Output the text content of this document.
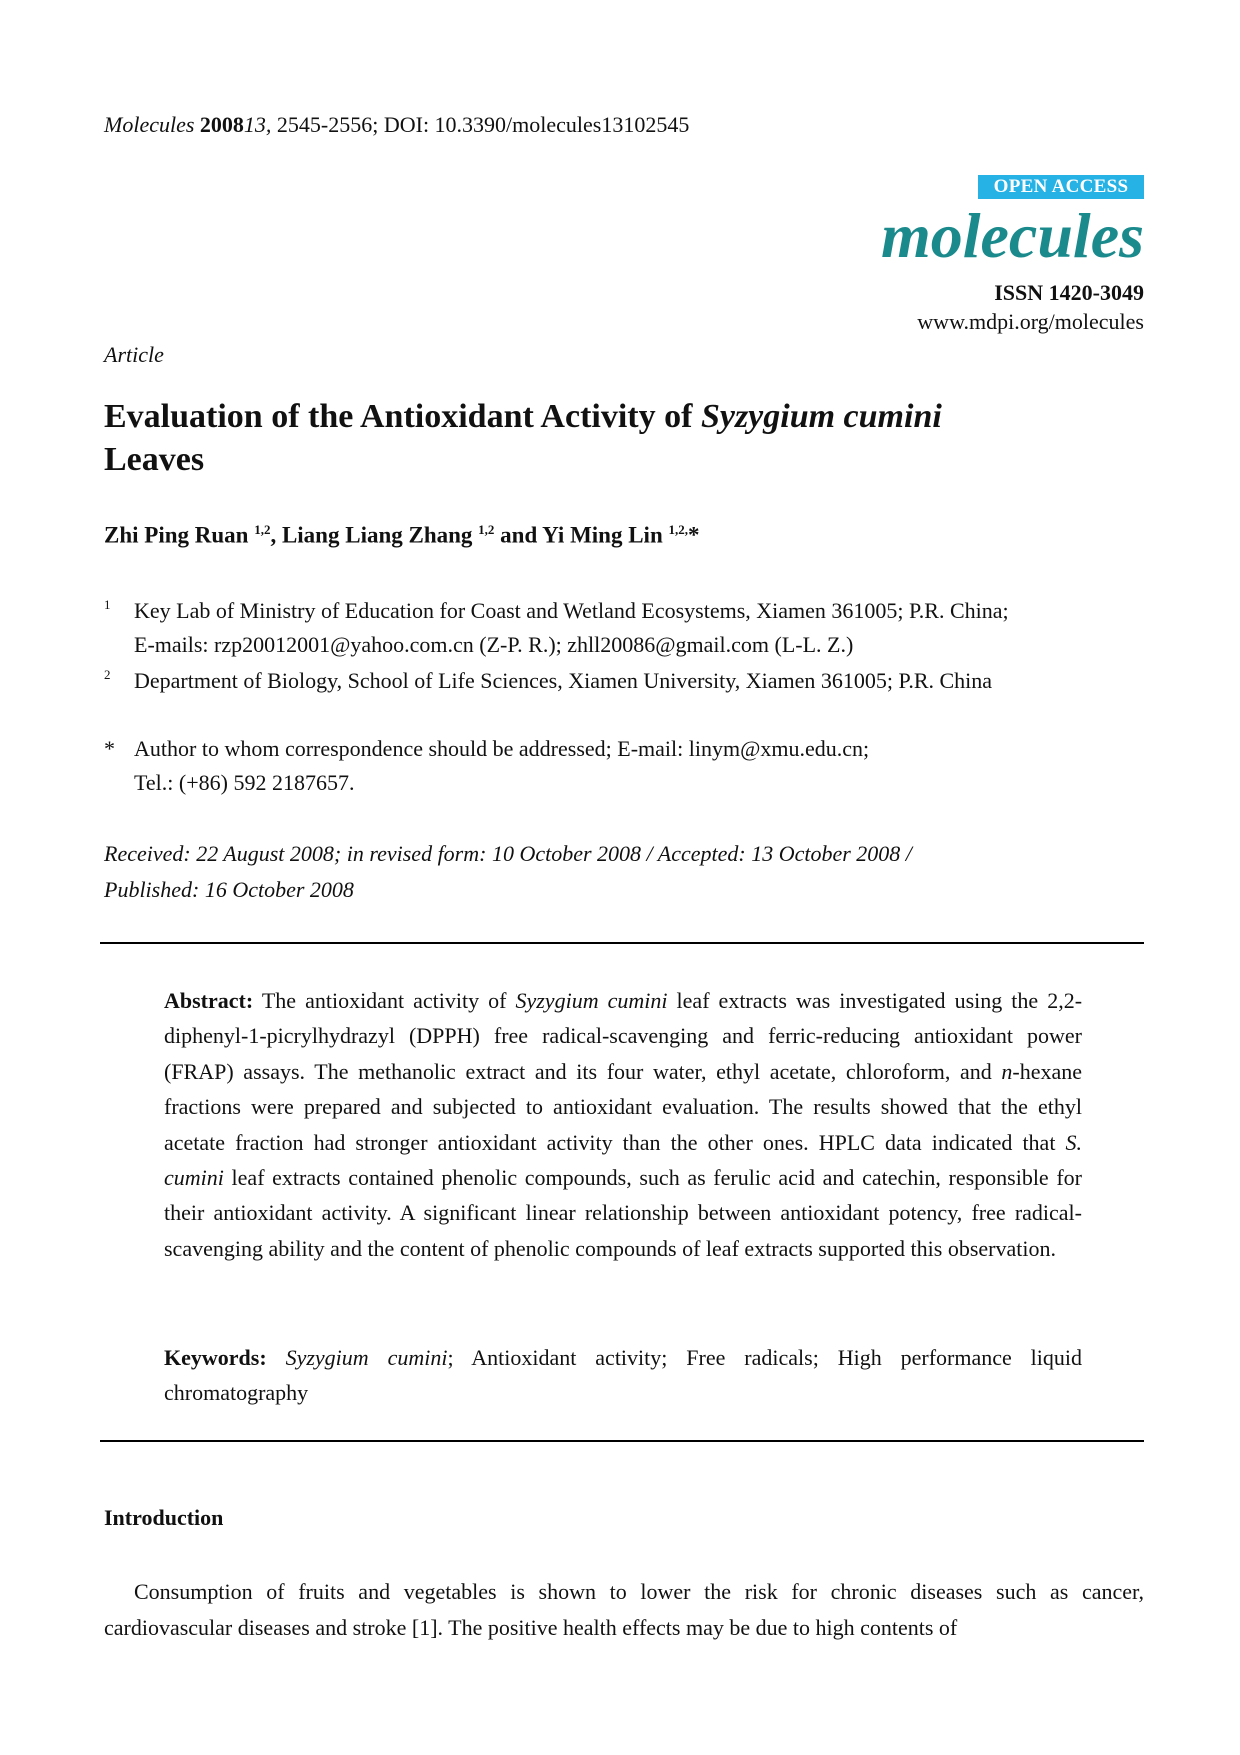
Molecules 200813, 2545-2556; DOI: 10.3390/molecules13102545
OPEN ACCESS
molecules
ISSN 1420-3049
www.mdpi.org/molecules
Article
Evaluation of the Antioxidant Activity of Syzygium cumini
Leaves
Zhi Ping Ruan $^{1,2}$, Liang Liang Zhang $^{1,2}$ and Yi Ming Lin $^{1,2,}$*
1	Key Lab of Ministry of Education for Coast and Wetland Ecosystems, Xiamen 361005; P.R. China;
E-mails: rzp20012001@yahoo.com.cn (Z-P. R.); zhll20086@gmail.com (L-L. Z.)
2	Department of Biology, School of Life Sciences, Xiamen University, Xiamen 361005; P.R. China
* Author to whom correspondence should be addressed; E-mail: linym@xmu.edu.cn;
Tel.: (+86) 592 2187657.
Received: 22 August 2008; in revised form: 10 October 2008 / Accepted: 13 October 2008 /
Published: 16 October 2008
Abstract: The antioxidant activity of Syzygium cumini leaf extracts was investigated using the 2,2-diphenyl-1-picrylhydrazyl (DPPH) free radical-scavenging and ferric-reducing antioxidant power (FRAP) assays. The methanolic extract and its four water, ethyl acetate, chloroform, and n-hexane fractions were prepared and subjected to antioxidant evaluation. The results showed that the ethyl acetate fraction had stronger antioxidant activity than the other ones. HPLC data indicated that S. cumini leaf extracts contained phenolic compounds, such as ferulic acid and catechin, responsible for their antioxidant activity. A significant linear relationship between antioxidant potency, free radical-scavenging ability and the content of phenolic compounds of leaf extracts supported this observation.
Keywords: Syzygium cumini; Antioxidant activity; Free radicals; High performance liquid chromatography
Introduction
Consumption of fruits and vegetables is shown to lower the risk for chronic diseases such as cancer, cardiovascular diseases and stroke [1]. The positive health effects may be due to high contents of
